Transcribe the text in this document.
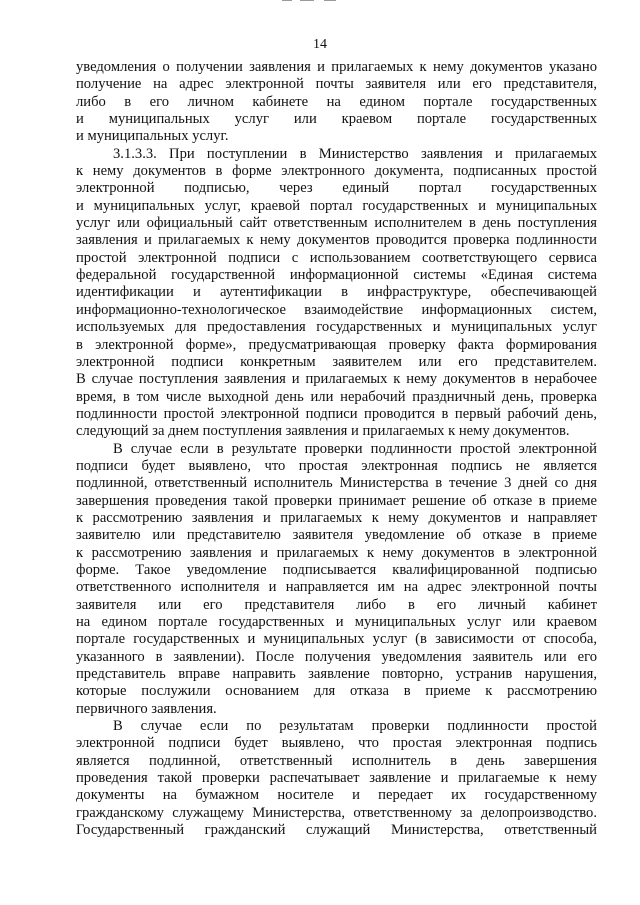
14
уведомления о получении заявления и прилагаемых к нему документов указано
получение на адрес электронной почты заявителя или его представителя,
либо в его личном кабинете на едином портале государственных
и муниципальных услуг или краевом портале государственных
и муниципальных услуг.
3.1.3.3. При поступлении в Министерство заявления и прилагаемых
к нему документов в форме электронного документа, подписанных простой
электронной подписью, через единый портал государственных
и муниципальных услуг, краевой портал государственных и муниципальных
услуг или официальный сайт ответственным исполнителем в день поступления
заявления и прилагаемых к нему документов проводится проверка подлинности
простой электронной подписи с использованием соответствующего сервиса
федеральной государственной информационной системы «Единая система
идентификации и аутентификации в инфраструктуре, обеспечивающей
информационно-технологическое взаимодействие информационных систем,
используемых для предоставления государственных и муниципальных услуг
в электронной форме», предусматривающая проверку факта формирования
электронной подписи конкретным заявителем или его представителем.
В случае поступления заявления и прилагаемых к нему документов в нерабочее
время, в том числе выходной день или нерабочий праздничный день, проверка
подлинности простой электронной подписи проводится в первый рабочий день,
следующий за днем поступления заявления и прилагаемых к нему документов.
В случае если в результате проверки подлинности простой электронной
подписи будет выявлено, что простая электронная подпись не является
подлинной, ответственный исполнитель Министерства в течение 3 дней со дня
завершения проведения такой проверки принимает решение об отказе в приеме
к рассмотрению заявления и прилагаемых к нему документов и направляет
заявителю или представителю заявителя уведомление об отказе в приеме
к рассмотрению заявления и прилагаемых к нему документов в электронной
форме. Такое уведомление подписывается квалифицированной подписью
ответственного исполнителя и направляется им на адрес электронной почты
заявителя или его представителя либо в его личный кабинет
на едином портале государственных и муниципальных услуг или краевом
портале государственных и муниципальных услуг (в зависимости от способа,
указанного в заявлении). После получения уведомления заявитель или его
представитель вправе направить заявление повторно, устранив нарушения,
которые послужили основанием для отказа в приеме к рассмотрению
первичного заявления.
В случае если по результатам проверки подлинности простой
электронной подписи будет выявлено, что простая электронная подпись
является подлинной, ответственный исполнитель в день завершения
проведения такой проверки распечатывает заявление и прилагаемые к нему
документы на бумажном носителе и передает их государственному
гражданскому служащему Министерства, ответственному за делопроизводство.
Государственный гражданский служащий Министерства, ответственный
